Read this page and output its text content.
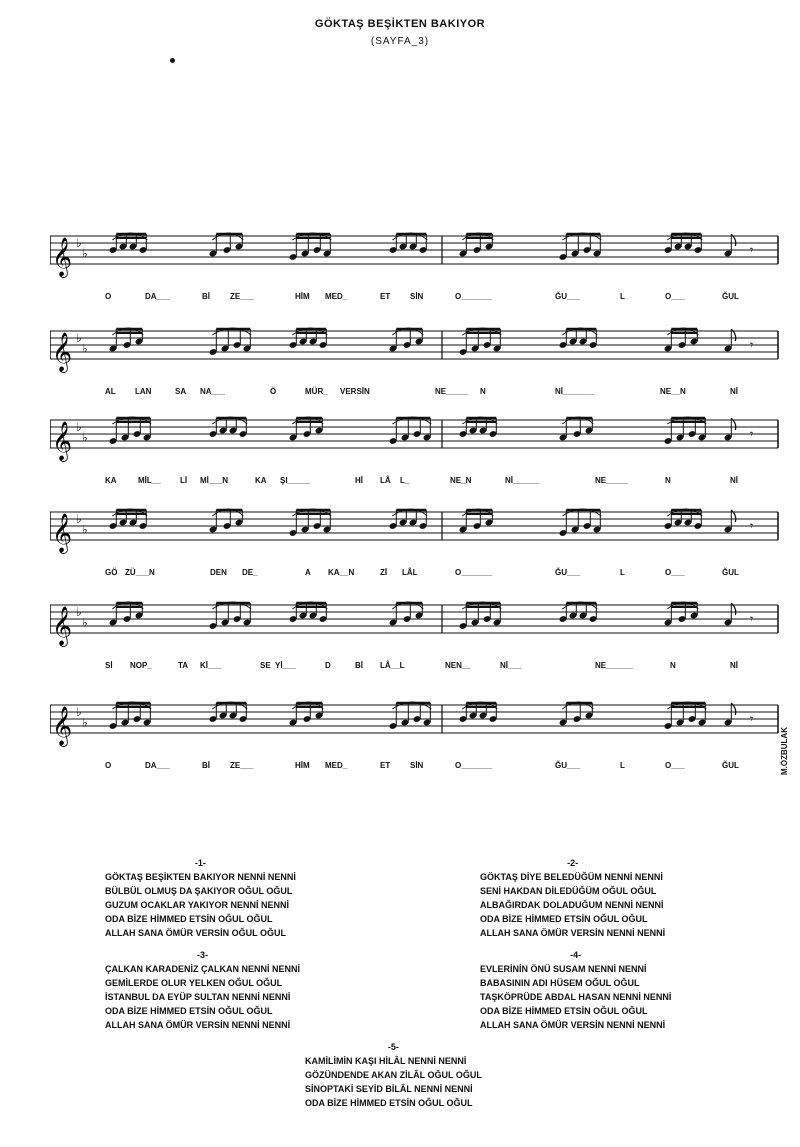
GÖKTAŞ BEŞİKTEN BAKIYOR
(SAYFA_3)
𝄞 ♭
♭	𝄾
O	DA___	Bİ	ZE___	HİM MED_	ET SİN	O_______	ĞU___	L	O___	ĞUL
𝄞 ♭
♭	𝄾
AL LAN	SA NA___	Ö	MÜR_ VERSİN	NE_____ N	Nİ_______	NE__N	Nİ
𝄞 ♭
♭	𝄾
KA	MİL__ Lİ Mİ___N	KA ŞI_____	Hİ LÂ L_	NE_N	Nİ______	NE_____	N	Nİ
𝄞 ♭
♭	𝄾
GÖ ZÜ___N	DEN DE_	A KA__N	Zİ LÂL	O_______	ĞU___	L	O___	ĞUL
𝄞 ♭
♭	𝄾
Sİ NOP_	TA Kİ___	SE Yİ___	D	Bİ LÂ__L	NEN__	Nİ___	NE______	N	Nİ
𝄞 ♭
♭	𝄾
O	DA___	Bİ	ZE___	HİM MED_	ET SİN	O_______	ĞU___	L	O___	ĞUL	M.ÖZBULAK
-1-
GÖKTAŞ BEŞİKTEN BAKIYOR NENNİ NENNİ
BÜLBÜL OLMUŞ DA ŞAKIYOR OĞUL OĞUL
GUZUM OCAKLAR YAKIYOR NENNİ NENNİ
ODA BİZE HİMMED ETSİN OĞUL OĞUL
ALLAH SANA ÖMÜR VERSİN OĞUL OĞUL
-2-
GÖKTAŞ DİYE BELEDÜĞÜM NENNİ NENNİ
SENİ HAKDAN DİLEDÜĞÜM OĞUL OĞUL
ALBAĞIRDAK DOLADUĞUM NENNİ NENNİ
ODA BİZE HİMMED ETSİN OĞUL OĞUL
ALLAH SANA ÖMÜR VERSİN NENNİ NENNİ
-3-
ÇALKAN KARADENİZ ÇALKAN NENNİ NENNİ
GEMİLERDE OLUR YELKEN OĞUL OĞUL
İSTANBUL DA EYÜP SULTAN NENNİ NENNİ
ODA BİZE HİMMED ETSİN OĞUL OĞUL
ALLAH SANA ÖMÜR VERSİN NENNİ NENNİ
-4-
EVLERİNİN ÖNÜ SUSAM NENNİ NENNİ
BABASININ ADI HÜSEM OĞUL OĞUL
TAŞKÖPRÜDE ABDAL HASAN NENNİ NENNİ
ODA BİZE HİMMED ETSİN OĞUL OĞUL
ALLAH SANA ÖMÜR VERSİN NENNİ NENNİ
-5-
KAMİLİMİN KAŞI HİLÂL NENNİ NENNİ
GÖZÜNDENDE AKAN ZİLÂL OĞUL OĞUL
SİNOPTAKİ SEYİD BİLÂL NENNİ NENNİ
ODA BİZE HİMMED ETSİN OĞUL OĞUL
